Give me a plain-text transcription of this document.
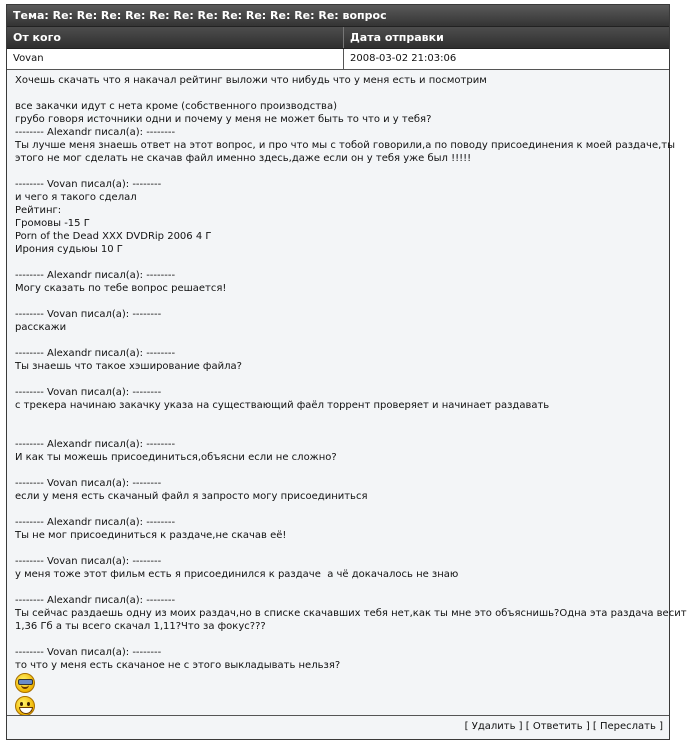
Тема: Re: Re: Re: Re: Re: Re: Re: Re: Re: Re: Re: Re: вопрос
От кого	Дата отправки
Vovan	2008-03-02 21:03:06
Хочешь скачать что я накачал рейтинг выложи что нибудь что у меня есть и посмотрим
все закачки идут с нета кроме (собственного производства)
грубо говоря источники одни и почему у меня не может быть то что и у тебя?
-------- Alexandr писал(а): --------
Ты лучше меня знаешь ответ на этот вопрос, и про что мы с тобой говорили,а по поводу присоединения к моей раздаче,ты
этого не мог сделать не скачав файл именно здесь,даже если он у тебя уже был !!!!!
-------- Vovan писал(а): --------
и чего я такого сделал
Рейтинг:
Громовы -15 Г
Porn of the Dead XXX DVDRip 2006 4 Г
Ирония судьюы 10 Г
-------- Alexandr писал(а): --------
Могу сказать по тебе вопрос решается!
-------- Vovan писал(а): --------
расскажи
-------- Alexandr писал(а): --------
Ты знаешь что такое хэширование файла?
-------- Vovan писал(а): --------
с трекера начинаю закачку указа на существающий фаёл торрент проверяет и начинает раздавать
-------- Alexandr писал(а): --------
И как ты можешь присоединиться,объясни если не сложно?
-------- Vovan писал(а): --------
если у меня есть скачаный файл я запросто могу присоединиться
-------- Alexandr писал(а): --------
Ты не мог присоединиться к раздаче,не скачав её!
-------- Vovan писал(а): --------
у меня тоже этот фильм есть я присоединился к раздаче  а чё докачалось не знаю
-------- Alexandr писал(а): --------
Ты сейчас раздаешь одну из моих раздач,но в списке скачавших тебя нет,как ты мне это объяснишь?Одна эта раздача весит
1,36 Гб а ты всего скачал 1,11?Что за фокус???
-------- Vovan писал(а): --------
то что у меня есть скачаное не с этого выкладывать нельзя?
[ Удалить ] [ Ответить ] [ Переслать ]
